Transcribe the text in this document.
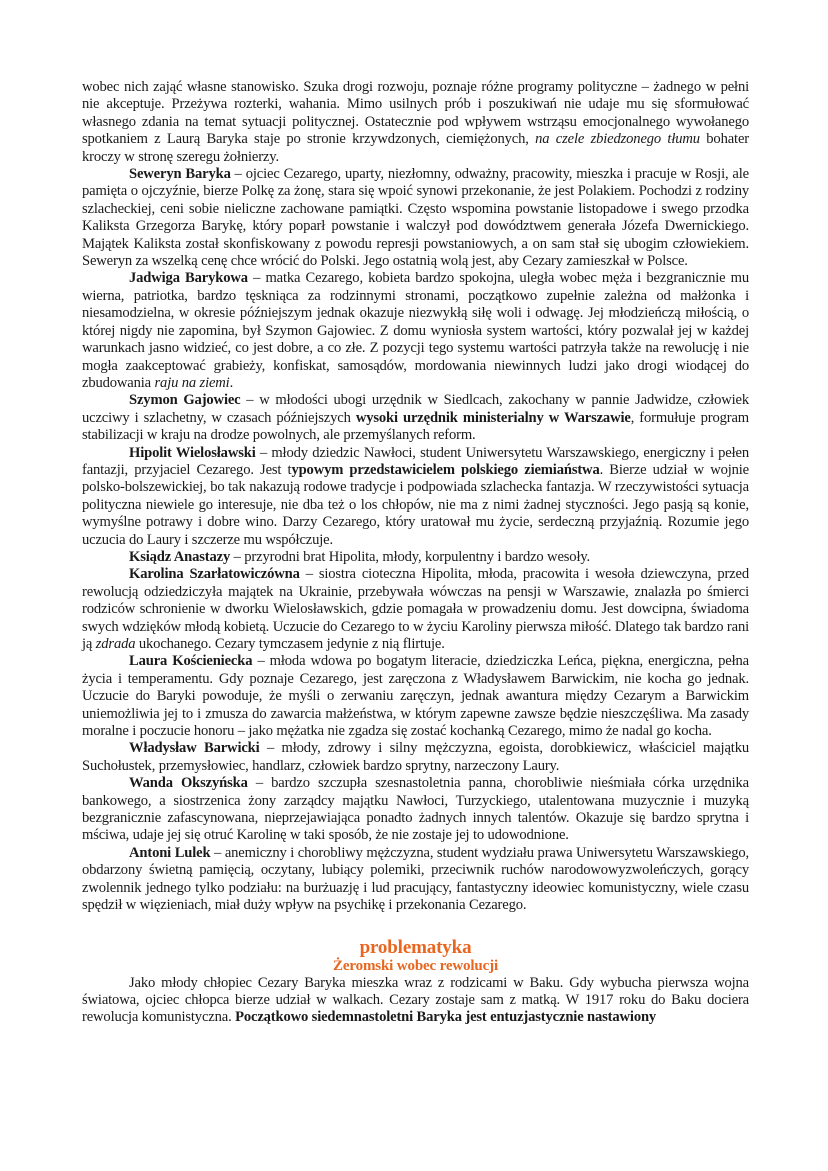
wobec nich zająć własne stanowisko. Szuka drogi rozwoju, poznaje różne programy polityczne – żadnego w pełni nie akceptuje. Przeżywa rozterki, wahania. Mimo usilnych prób i poszukiwań nie udaje mu się sformułować własnego zdania na temat sytuacji politycznej. Ostatecznie pod wpływem wstrząsu emocjonalnego wywołanego spotkaniem z Laurą Baryka staje po stronie krzywdzonych, ciemiężonych, na czele zbiedzonego tłumu bohater kroczy w stronę szeregu żołnierzy.

Seweryn Baryka – ojciec Cezarego, uparty, niezłomny, odważny, pracowity, mieszka i pracuje w Rosji, ale pamięta o ojczyźnie, bierze Polkę za żonę, stara się wpoić synowi przekonanie, że jest Polakiem. Pochodzi z rodziny szlacheckiej, ceni sobie nieliczne zachowane pamiątki. Często wspomina powstanie listopadowe i swego przodka Kaliksta Grzegorza Barykę, który poparł powstanie i walczył pod dowództwem generała Józefa Dwernickiego. Majątek Kaliksta został skonfiskowany z powodu represji powstaniowych, a on sam stał się ubogim człowiekiem. Seweryn za wszelką cenę chce wrócić do Polski. Jego ostatnią wolą jest, aby Cezary zamieszkał w Polsce.

Jadwiga Barykowa – matka Cezarego, kobieta bardzo spokojna, uległa wobec męża i bezgranicznie mu wierna, patriotka, bardzo tęskniąca za rodzinnymi stronami, początkowo zupełnie zależna od małżonka i niesamodzielna, w okresie późniejszym jednak okazuje niezwykłą siłę woli i odwagę. Jej młodzieńczą miłością, o której nigdy nie zapomina, był Szymon Gajowiec. Z domu wyniosła system wartości, który pozwalał jej w każdej warunkach jasno widzieć, co jest dobre, a co złe. Z pozycji tego systemu wartości patrzyła także na rewolucję i nie mogła zaakceptować grabieży, konfiskat, samosądów, mordowania niewinnych ludzi jako drogi wiodącej do zbudowania raju na ziemi.

Szymon Gajowiec – w młodości ubogi urzędnik w Siedlcach, zakochany w pannie Jadwidze, człowiek uczciwy i szlachetny, w czasach późniejszych wysoki urzędnik ministerialny w Warszawie, formułuje program stabilizacji w kraju na drodze powolnych, ale przemyślanych reform.

Hipolit Wielosławski – młody dziedzic Nawłoci, student Uniwersytetu Warszawskiego, energiczny i pełen fantazji, przyjaciel Cezarego. Jest typowym przedstawicielem polskiego ziemiaństwa. Bierze udział w wojnie polsko-bolszewickiej, bo tak nakazują rodowe tradycje i podpowiada szlachecka fantazja. W rzeczywistości sytuacja polityczna niewiele go interesuje, nie dba też o los chłopów, nie ma z nimi żadnej styczności. Jego pasją są konie, wymyślne potrawy i dobre wino. Darzy Cezarego, który uratował mu życie, serdeczną przyjaźnią. Rozumie jego uczucia do Laury i szczerze mu współczuje.

Ksiądz Anastazy – przyrodni brat Hipolita, młody, korpulentny i bardzo wesoły.

Karolina Szarłatowiczówna – siostra cioteczna Hipolita, młoda, pracowita i wesoła dziewczyna, przed rewolucją odziedziczyła majątek na Ukrainie, przebywała wówczas na pensji w Warszawie, znalazła po śmierci rodziców schronienie w dworku Wielosławskich, gdzie pomagała w prowadzeniu domu. Jest dowcipna, świadoma swych wdzięków młodą kobietą. Uczucie do Cezarego to w życiu Karoliny pierwsza miłość. Dlatego tak bardzo rani ją zdrada ukochanego. Cezary tymczasem jedynie z nią flirtuje.

Laura Kościeniecka – młoda wdowa po bogatym literacie, dziedziczka Leńca, piękna, energiczna, pełna życia i temperamentu. Gdy poznaje Cezarego, jest zaręczona z Władysławem Barwickim, nie kocha go jednak. Uczucie do Baryki powoduje, że myśli o zerwaniu zaręczyn, jednak awantura między Cezarym a Barwickim uniemożliwia jej to i zmusza do zawarcia małżeństwa, w którym zapewne zawsze będzie nieszczęśliwa. Ma zasady moralne i poczucie honoru – jako mężatka nie zgadza się zostać kochanką Cezarego, mimo że nadal go kocha.

Władysław Barwicki – młody, zdrowy i silny mężczyzna, egoista, dorobkiewicz, właściciel majątku Suchołustek, przemysłowiec, handlarz, człowiek bardzo sprytny, narzeczony Laury.

Wanda Okszyńska – bardzo szczupła szesnastoletnia panna, chorobliwie nieśmiała córka urzędnika bankowego, a siostrzenica żony zarządcy majątku Nawłoci, Turzyckiego, utalentowana muzycznie i muzyką bezgranicznie zafascynowana, nieprzejawiająca ponadto żadnych innych talentów. Okazuje się bardzo sprytna i mściwa, udaje jej się otruć Karolinę w taki sposób, że nie zostaje jej to udowodnione.

Antoni Lulek – anemiczny i chorobliwy mężczyzna, student wydziału prawa Uniwersytetu Warszawskiego, obdarzony świetną pamięcią, oczytany, lubiący polemiki, przeciwnik ruchów narodowowyzwoleńczych, gorący zwolennik jednego tylko podziału: na burżuazję i lud pracujący, fantastyczny ideowiec komunistyczny, wiele czasu spędził w więzieniach, miał duży wpływ na psychikę i przekonania Cezarego.

problematyka
Żeromski wobec rewolucji

Jako młody chłopiec Cezary Baryka mieszka wraz z rodzicami w Baku. Gdy wybucha pierwsza wojna światowa, ojciec chłopca bierze udział w walkach. Cezary zostaje sam z matką. W 1917 roku do Baku dociera rewolucja komunistyczna. Początkowo siedemnastoletni Baryka jest entuzjastycznie nastawiony
